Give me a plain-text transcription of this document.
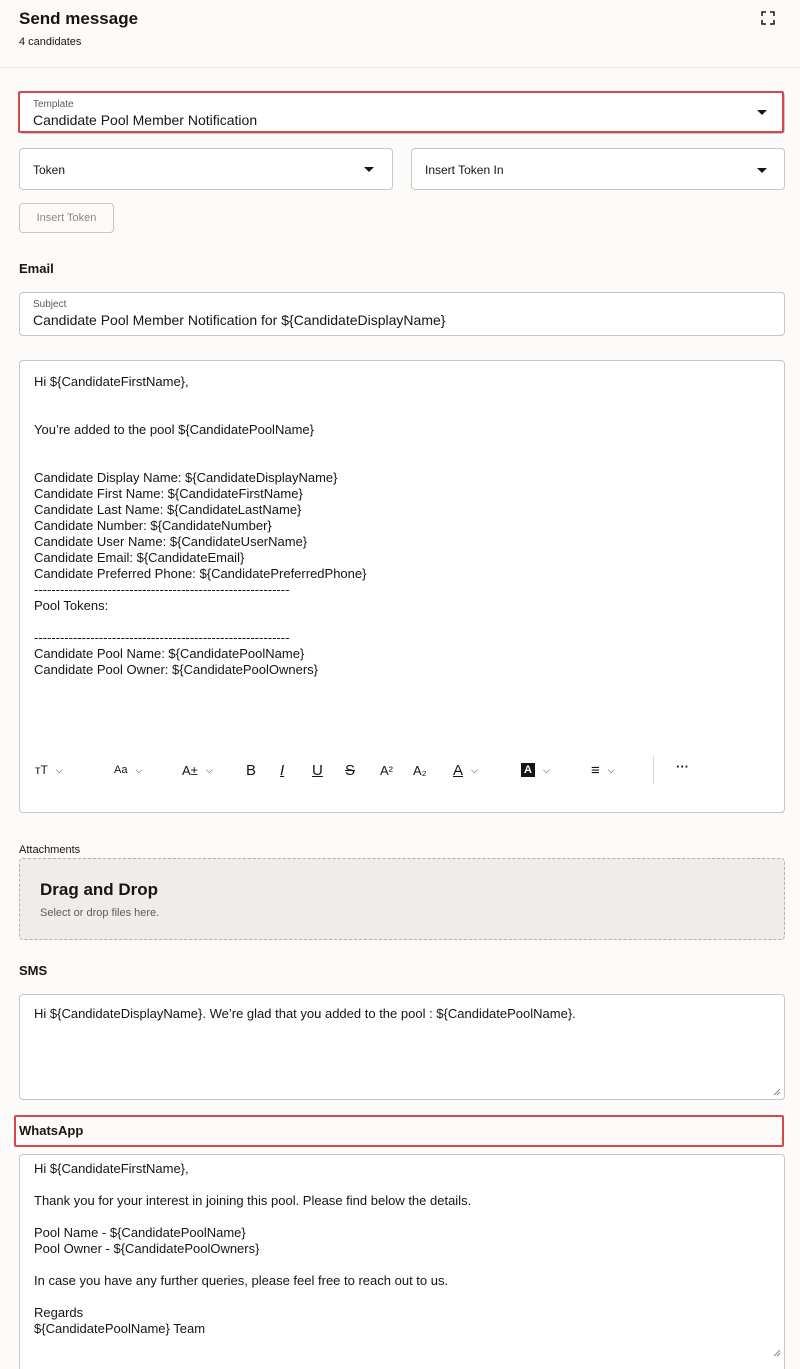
Send message
4 candidates
Template
Candidate Pool Member Notification
Token	Insert Token In
Insert Token
Email
Subject
Candidate Pool Member Notification for ${CandidateDisplayName}
Hi ${CandidateFirstName},

You’re added to the pool ${CandidatePoolName}

Candidate Display Name: ${CandidateDisplayName}
Candidate First Name: ${CandidateFirstName}
Candidate Last Name: ${CandidateLastName}
Candidate Number: ${CandidateNumber}
Candidate User Name: ${CandidateUserName}
Candidate Email: ${CandidateEmail}
Candidate Preferred Phone: ${CandidatePreferredPhone}
-----------------------------------------------------------
Pool Tokens:

-----------------------------------------------------------
Candidate Pool Name: ${CandidatePoolName}
Candidate Pool Owner: ${CandidatePoolOwners}
ᴛT ⌵	Aa ⌵	A± ⌵ B I U S A² A₂ A ⌵	A	⌵	≡ ⌵	···
Attachments
Drag and Drop
Select or drop files here.
SMS
Hi ${CandidateDisplayName}. We’re glad that you added to the pool : ${CandidatePoolName}.
WhatsApp
Hi ${CandidateFirstName},

Thank you for your interest in joining this pool. Please find below the details.

Pool Name - ${CandidatePoolName}
Pool Owner - ${CandidatePoolOwners}

In case you have any further queries, please feel free to reach out to us.

Regards
${CandidatePoolName} Team
